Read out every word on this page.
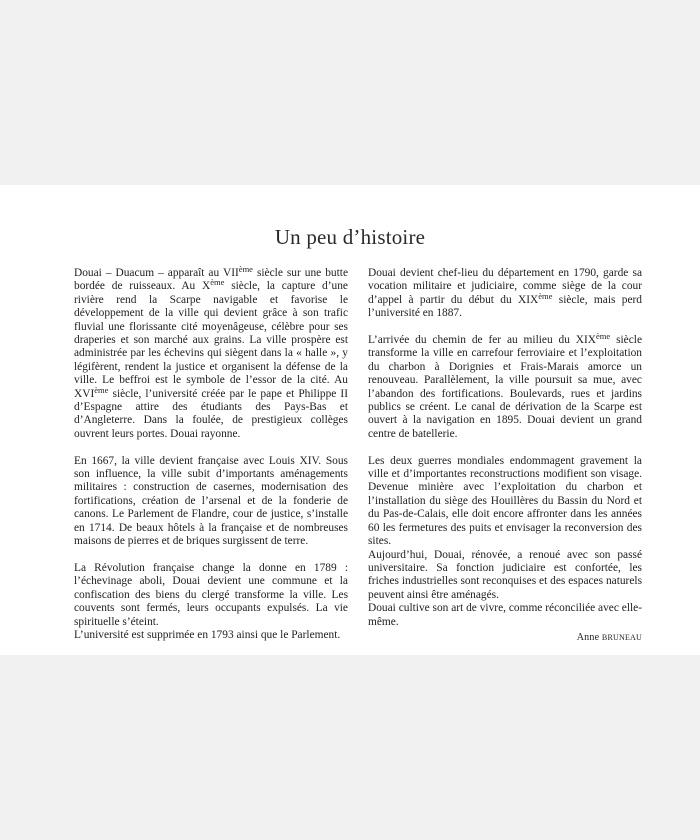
Un peu d’histoire

Douai – Duacum – apparaît au VIIème siècle sur une butte bordée de ruisseaux. Au Xème siècle, la capture d’une rivière rend la Scarpe navigable et favorise le développement de la ville qui devient grâce à son trafic fluvial une florissante cité moyenâgeuse, célèbre pour ses draperies et son marché aux grains. La ville prospère est administrée par les échevins qui siègent dans la « halle », y légifèrent, rendent la justice et organisent la défense de la ville. Le beffroi est le symbole de l’essor de la cité. Au XVIème siècle, l’université créée par le pape et Philippe II d’Espagne attire des étudiants des Pays-Bas et d’Angleterre. Dans la foulée, de prestigieux collèges ouvrent leurs portes. Douai rayonne.

En 1667, la ville devient française avec Louis XIV. Sous son influence, la ville subit d’importants aménagements militaires : construction de casernes, modernisation des fortifications, création de l’arsenal et de la fonderie de canons. Le Parlement de Flandre, cour de justice, s’installe en 1714. De beaux hôtels à la française et de nombreuses maisons de pierres et de briques surgissent de terre.

La Révolution française change la donne en 1789 : l’échevinage aboli, Douai devient une commune et la confiscation des biens du clergé transforme la ville. Les couvents sont fermés, leurs occupants expulsés. La vie spirituelle s’éteint.
L’université est supprimée en 1793 ainsi que le Parlement.

Douai devient chef-lieu du département en 1790, garde sa vocation militaire et judiciaire, comme siège de la cour d’appel à partir du début du XIXème siècle, mais perd l’université en 1887.

L’arrivée du chemin de fer au milieu du XIXème siècle transforme la ville en carrefour ferroviaire et l’exploitation du charbon à Dorignies et Frais-Marais amorce un renouveau. Parallèlement, la ville poursuit sa mue, avec l’abandon des fortifications. Boulevards, rues et jardins publics se créent. Le canal de dérivation de la Scarpe est ouvert à la navigation en 1895. Douai devient un grand centre de batellerie.

Les deux guerres mondiales endommagent gravement la ville et d’importantes reconstructions modifient son visage. Devenue minière avec l’exploitation du charbon et l’installation du siège des Houillères du Bassin du Nord et du Pas-de-Calais, elle doit encore affronter dans les années 60 les fermetures des puits et envisager la reconversion des sites.
Aujourd’hui, Douai, rénovée, a renoué avec son passé universitaire. Sa fonction judiciaire est confortée, les friches industrielles sont reconquises et des espaces naturels peuvent ainsi être aménagés.
Douai cultive son art de vivre, comme réconciliée avec elle-même.

Anne BRUNEAU
